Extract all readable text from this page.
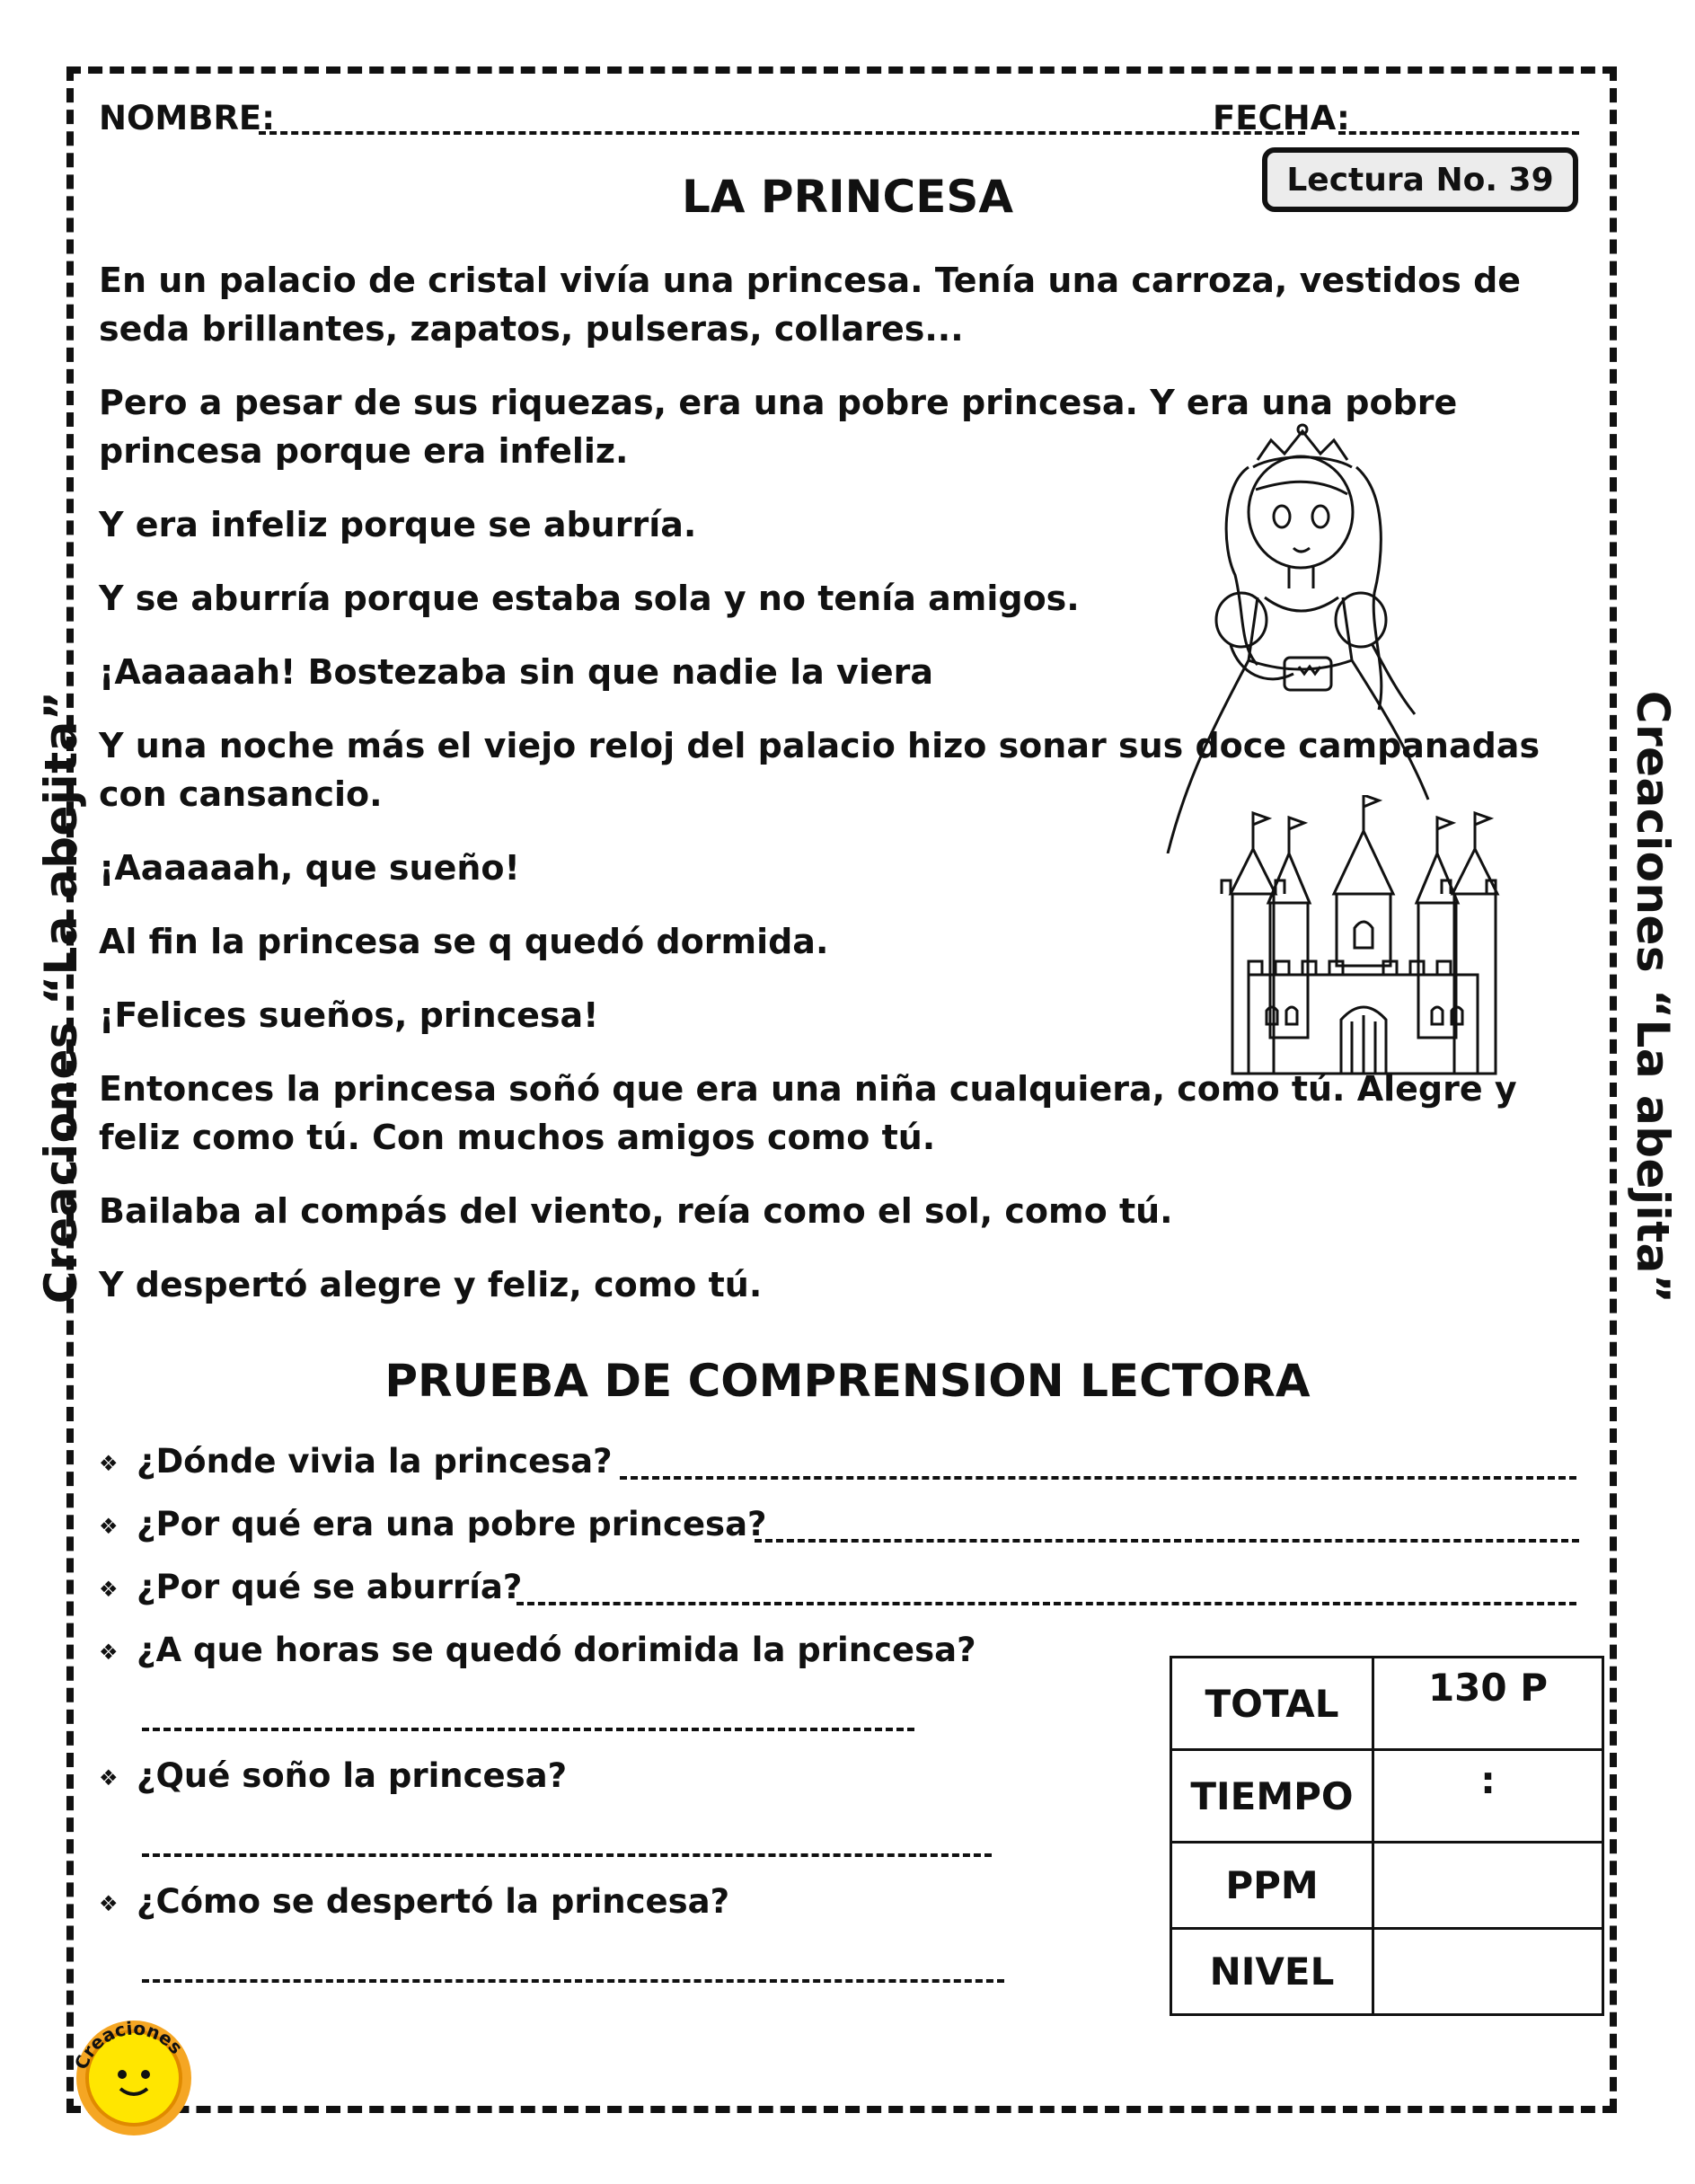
Creaciones “La abejita”	Creaciones “La abejita”
NOMBRE:	FECHA:
Lectura No. 39
LA PRINCESA

En un palacio de cristal vivía una princesa. Tenía una carroza, vestidos de seda brillantes, zapatos, pulseras, collares...

Pero a pesar de sus riquezas, era una pobre princesa. Y era una pobre princesa porque era infeliz.

Y era infeliz porque se aburría.

Y se aburría porque estaba sola y no tenía amigos.

¡Aaaaaah! Bostezaba sin que nadie la viera

Y una noche más el viejo reloj del palacio hizo sonar sus doce campanadas con cansancio.

¡Aaaaaah, que sueño!

Al fin la princesa se q quedó dormida.

¡Felices sueños, princesa!

Entonces la princesa soñó que era una niña cualquiera, como tú. Alegre y feliz como tú. Con muchos amigos como tú.

Bailaba al compás del viento, reía como el sol, como tú.

Y despertó alegre y feliz, como tú.

PRUEBA DE COMPRENSION LECTORA
❖ ¿Dónde vivia la princesa?
❖ ¿Por qué era una pobre princesa?
❖ ¿Por qué se aburría?
❖ ¿A que horas se quedó dorimida la princesa?
❖ ¿Qué soño la princesa?
❖ ¿Cómo se despertó la princesa?
TOTAL	130 P
TIEMPO	:
PPM	
NIVEL	
Creaciones
